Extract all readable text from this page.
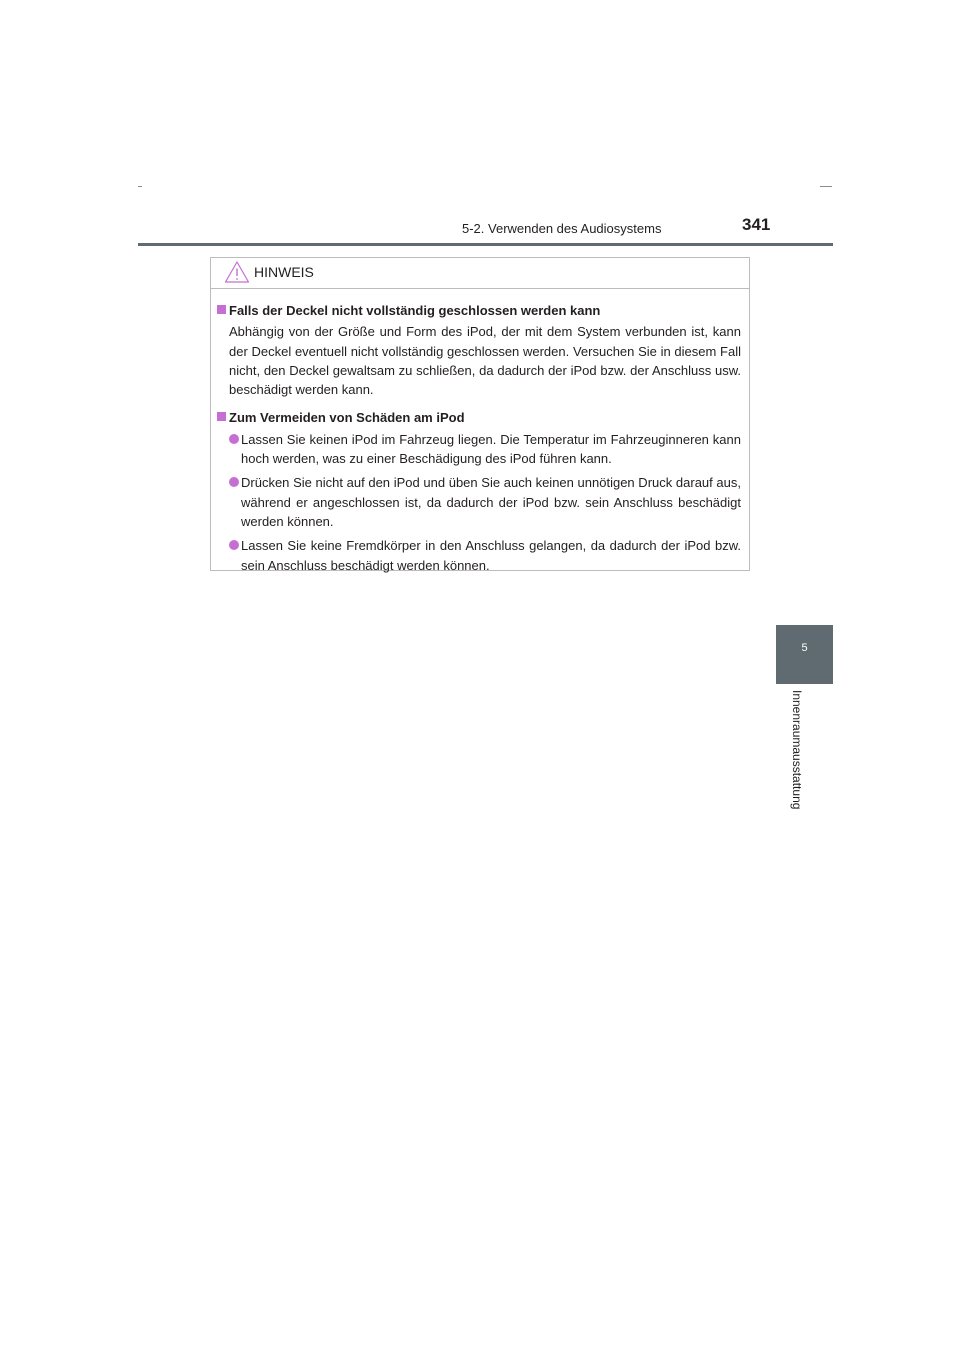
5-2. Verwenden des Audiosystems	341
5
Innenraumausstattung
HINWEIS
Falls der Deckel nicht vollständig geschlossen werden kann
Abhängig von der Größe und Form des iPod, der mit dem System verbunden ist, kann der Deckel eventuell nicht vollständig geschlossen werden. Versuchen Sie in diesem Fall nicht, den Deckel gewaltsam zu schließen, da dadurch der iPod bzw. der Anschluss usw. beschädigt werden kann.
Zum Vermeiden von Schäden am iPod
Lassen Sie keinen iPod im Fahrzeug liegen. Die Temperatur im Fahrzeuginneren kann hoch werden, was zu einer Beschädigung des iPod führen kann.
Drücken Sie nicht auf den iPod und üben Sie auch keinen unnötigen Druck darauf aus, während er angeschlossen ist, da dadurch der iPod bzw. sein Anschluss beschädigt werden können.
Lassen Sie keine Fremdkörper in den Anschluss gelangen, da dadurch der iPod bzw. sein Anschluss beschädigt werden können.
